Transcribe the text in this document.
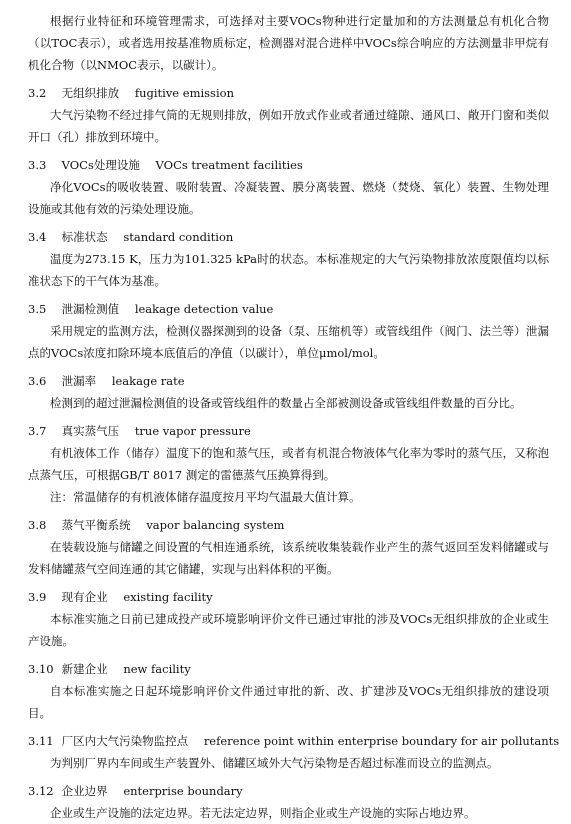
根据行业特征和环境管理需求，可选择对主要VOCs物种进行定量加和的方法测量总有机化合物（以TOC表示），或者选用按基准物质标定，检测器对混合进样中VOCs综合响应的方法测量非甲烷有机化合物（以NMOC表示，以碳计）。

3.2 无组织排放 fugitive emission

大气污染物不经过排气筒的无规则排放，例如开放式作业或者通过缝隙、通风口、敞开门窗和类似开口（孔）排放到环境中。

3.3 VOCs处理设施 VOCs treatment facilities

净化VOCs的吸收装置、吸附装置、冷凝装置、膜分离装置、燃烧（焚烧、氧化）装置、生物处理设施或其他有效的污染处理设施。

3.4 标准状态 standard condition

温度为273.15 K，压力为101.325 kPa时的状态。本标准规定的大气污染物排放浓度限值均以标准状态下的干气体为基准。

3.5 泄漏检测值 leakage detection value

采用规定的监测方法，检测仪器探测到的设备（泵、压缩机等）或管线组件（阀门、法兰等）泄漏点的VOCs浓度扣除环境本底值后的净值（以碳计），单位μmol/mol。

3.6 泄漏率 leakage rate

检测到的超过泄漏检测值的设备或管线组件的数量占全部被测设备或管线组件数量的百分比。

3.7 真实蒸气压 true vapor pressure

有机液体工作（储存）温度下的饱和蒸气压，或者有机混合物液体气化率为零时的蒸气压，又称泡点蒸气压，可根据GB/T 8017 测定的雷德蒸气压换算得到。

注：常温储存的有机液体储存温度按月平均气温最大值计算。

3.8 蒸气平衡系统 vapor balancing system

在装载设施与储罐之间设置的气相连通系统，该系统收集装载作业产生的蒸气返回至发料储罐或与发料储罐蒸气空间连通的其它储罐，实现与出料体积的平衡。

3.9 现有企业 existing facility

本标准实施之日前已建成投产或环境影响评价文件已通过审批的涉及VOCs无组织排放的企业或生产设施。

3.10 新建企业 new facility

自本标准实施之日起环境影响评价文件通过审批的新、改、扩建涉及VOCs无组织排放的建设项目。

3.11 厂区内大气污染物监控点 reference point within enterprise boundary for air pollutants

为判别厂界内车间或生产装置外、储罐区域外大气污染物是否超过标准而设立的监测点。

3.12 企业边界 enterprise boundary

企业或生产设施的法定边界。若无法定边界，则指企业或生产设施的实际占地边界。
